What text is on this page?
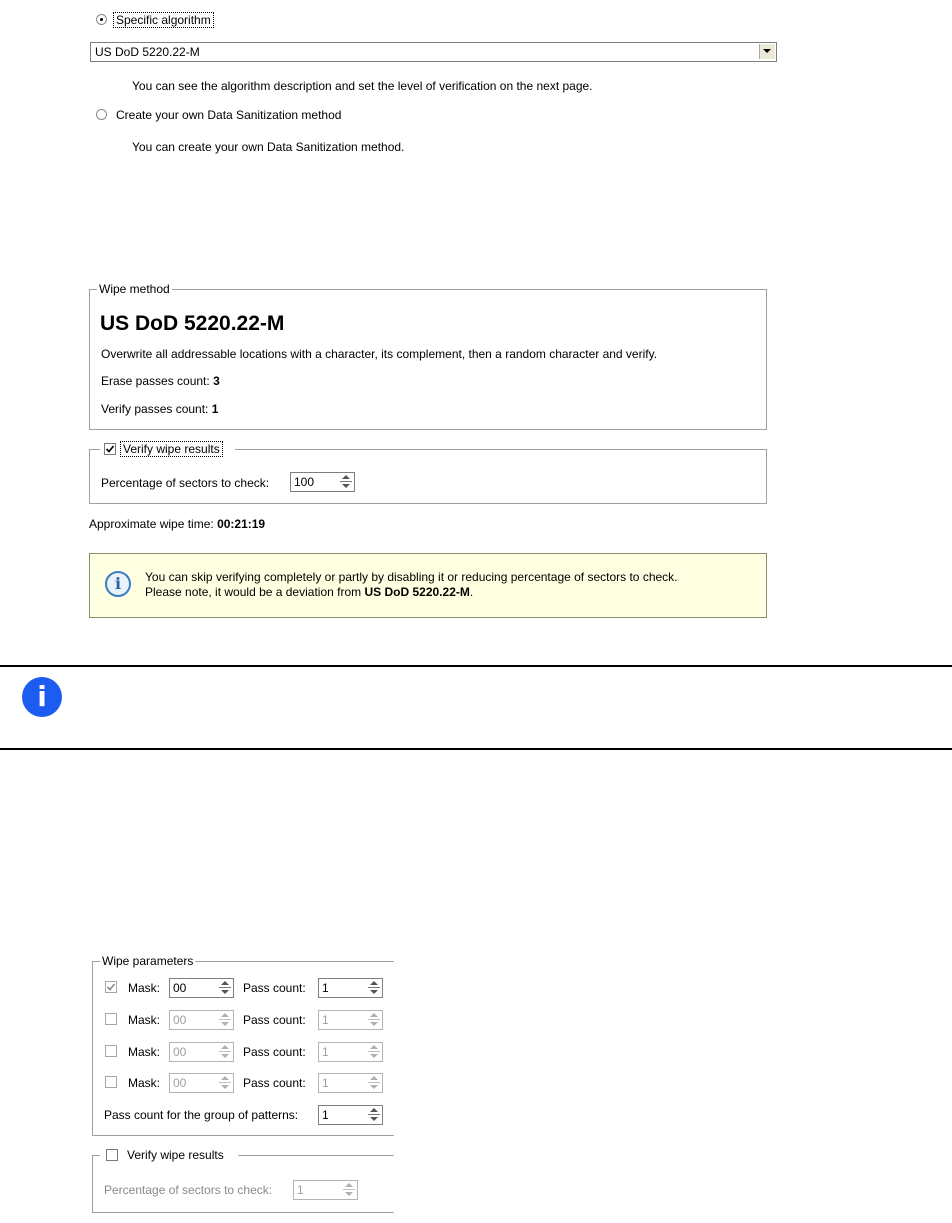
Specific algorithm
US DoD 5220.22-M
You can see the algorithm description and set the level of verification on the next page.
Create your own Data Sanitization method
You can create your own Data Sanitization method.
Wipe method
US DoD 5220.22-M
Overwrite all addressable locations with a character, its complement, then a random character and verify.
Erase passes count: 3
Verify passes count: 1
Verify wipe results
Percentage of sectors to check: 100
Approximate wipe time: 00:21:19
i	You can skip verifying completely or partly by disabling it or reducing percentage of sectors to check.
Please note, it would be a deviation from US DoD 5220.22-M.
i
Wipe parameters
Mask: 00	Pass count: 1
Mask: 00	Pass count: 1
Mask: 00	Pass count: 1
Mask: 00	Pass count: 1
Pass count for the group of patterns: 1
Verify wipe results
Percentage of sectors to check: 1
